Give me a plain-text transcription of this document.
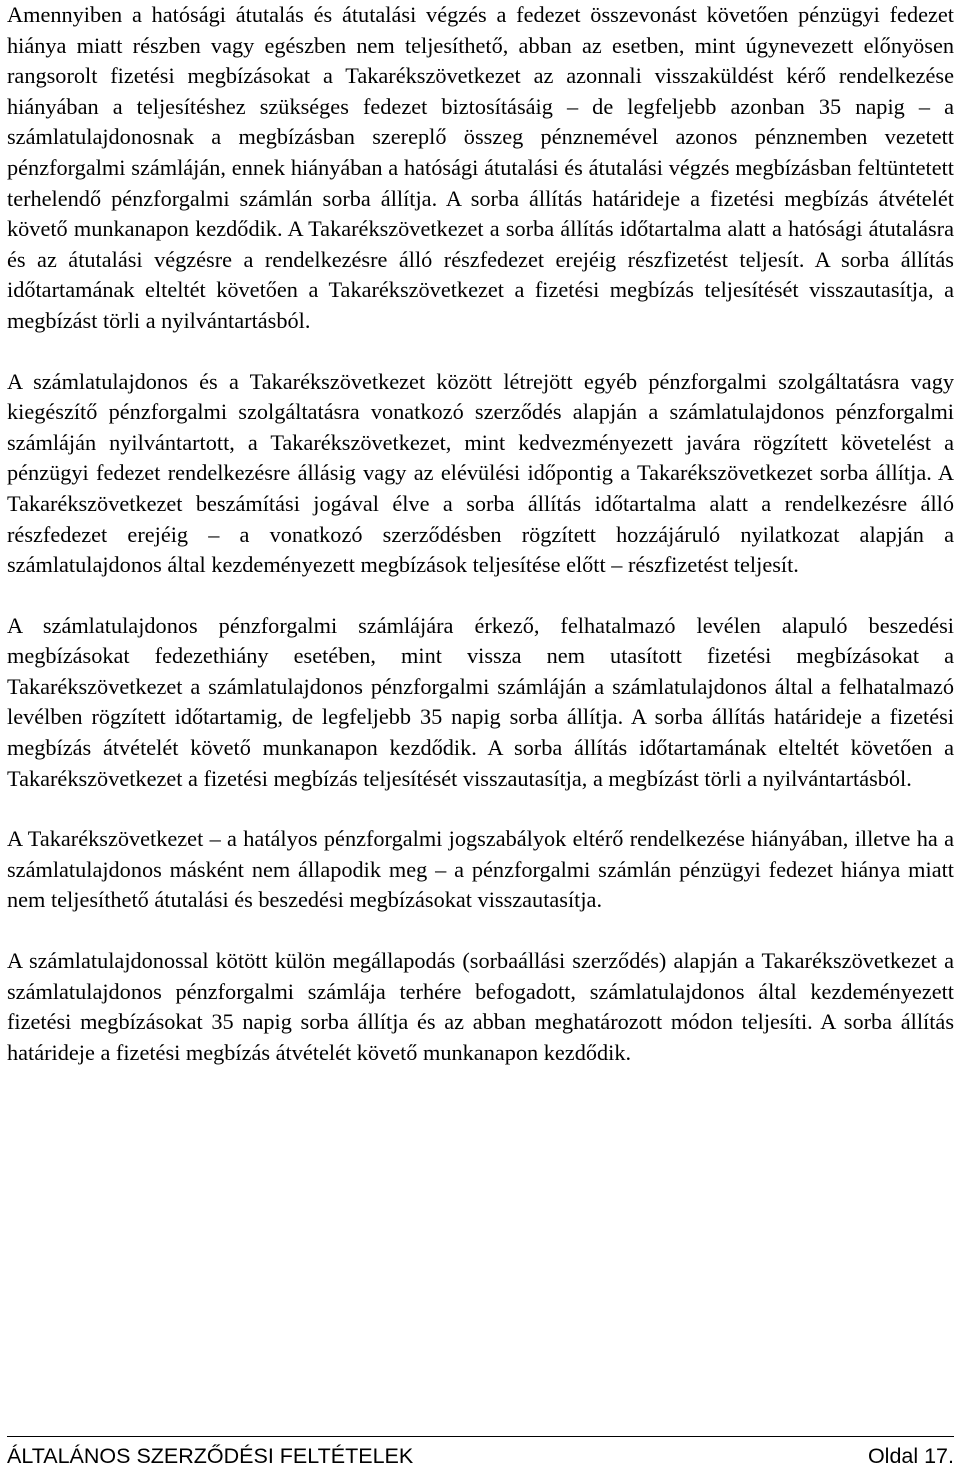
Amennyiben a hatósági átutalás és átutalási végzés a fedezet összevonást követően pénzügyi fedezet hiánya miatt részben vagy egészben nem teljesíthető, abban az esetben, mint úgynevezett előnyösen rangsorolt fizetési megbízásokat a Takarékszövetkezet az azonnali visszaküldést kérő rendelkezése hiányában a teljesítéshez szükséges fedezet biztosításáig – de legfeljebb azonban 35 napig – a számlatulajdonosnak a megbízásban szereplő összeg pénznemével azonos pénznemben vezetett pénzforgalmi számláján, ennek hiányában a hatósági átutalási és átutalási végzés megbízásban feltüntetett terhelendő pénzforgalmi számlán sorba állítja. A sorba állítás határideje a fizetési megbízás átvételét követő munkanapon kezdődik. A Takarékszövetkezet a sorba állítás időtartalma alatt a hatósági átutalásra és az átutalási végzésre a rendelkezésre álló részfedezet erejéig részfizetést teljesít. A sorba állítás időtartamának elteltét követően a Takarékszövetkezet a fizetési megbízás teljesítését visszautasítja, a megbízást törli a nyilvántartásból.

A számlatulajdonos és a Takarékszövetkezet között létrejött egyéb pénzforgalmi szolgáltatásra vagy kiegészítő pénzforgalmi szolgáltatásra vonatkozó szerződés alapján a számlatulajdonos pénzforgalmi számláján nyilvántartott, a Takarékszövetkezet, mint kedvezményezett javára rögzített követelést a pénzügyi fedezet rendelkezésre állásig vagy az elévülési időpontig a Takarékszövetkezet sorba állítja. A Takarékszövetkezet beszámítási jogával élve a sorba állítás időtartalma alatt a rendelkezésre álló részfedezet erejéig – a vonatkozó szerződésben rögzített hozzájáruló nyilatkozat alapján a számlatulajdonos által kezdeményezett megbízások teljesítése előtt – részfizetést teljesít.

A számlatulajdonos pénzforgalmi számlájára érkező, felhatalmazó levélen alapuló beszedési megbízásokat fedezethiány esetében, mint vissza nem utasított fizetési megbízásokat a Takarékszövetkezet a számlatulajdonos pénzforgalmi számláján a számlatulajdonos által a felhatalmazó levélben rögzített időtartamig, de legfeljebb 35 napig sorba állítja. A sorba állítás határideje a fizetési megbízás átvételét követő munkanapon kezdődik. A sorba állítás időtartamának elteltét követően a Takarékszövetkezet a fizetési megbízás teljesítését visszautasítja, a megbízást törli a nyilvántartásból.

A Takarékszövetkezet – a hatályos pénzforgalmi jogszabályok eltérő rendelkezése hiányában, illetve ha a számlatulajdonos másként nem állapodik meg – a pénzforgalmi számlán pénzügyi fedezet hiánya miatt nem teljesíthető átutalási és beszedési megbízásokat visszautasítja.

A számlatulajdonossal kötött külön megállapodás (sorbaállási szerződés) alapján a Takarékszövetkezet a számlatulajdonos pénzforgalmi számlája terhére befogadott, számlatulajdonos által kezdeményezett fizetési megbízásokat 35 napig sorba állítja és az abban meghatározott módon teljesíti. A sorba állítás határideje a fizetési megbízás átvételét követő munkanapon kezdődik.

ÁLTALÁNOS SZERZŐDÉSI FELTÉTELEK	Oldal 17.
